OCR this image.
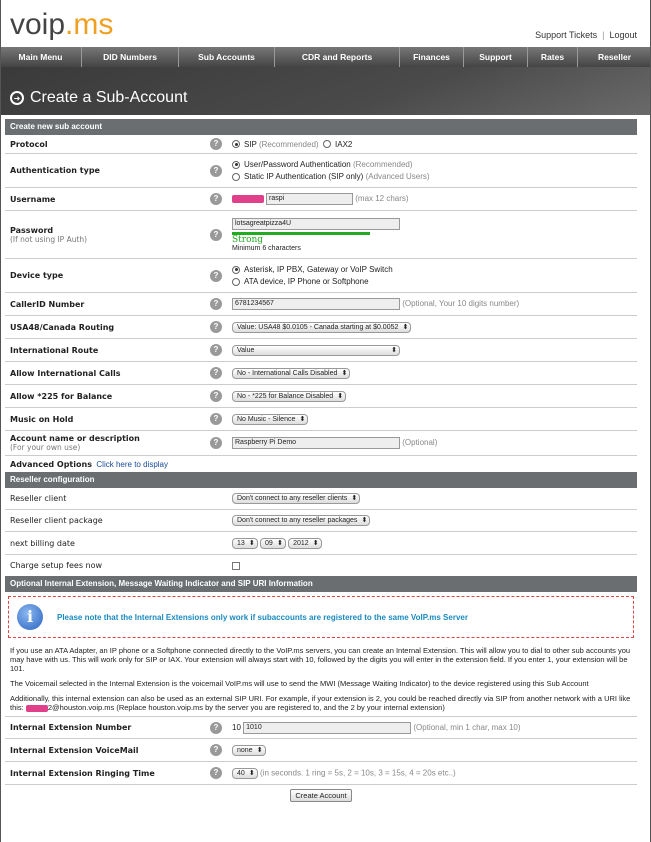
voip.ms	Support Tickets | Logout
Main Menu	DID Numbers	Sub Accounts	CDR and Reports	Finances	Support	Rates	Reseller
➜ Create a Sub-Account
Create new sub account
Protocol	?	SIP (Recommended) IAX2
Authentication type	?
User/Password Authentication (Recommended)
Static IP Authentication (SIP only) (Advanced Users)
Username	?	raspi	(max 12 chars)
Password
(If not using IP Auth)
?
lotsagreatpizza4U
Strong
Minimum 6 characters
Device type	?
Asterisk, IP PBX, Gateway or VoIP Switch
ATA device, IP Phone or Softphone
CallerID Number	?	6781234567	(Optional, Your 10 digits number)
USA48/Canada Routing	?	Value: USA48 $0.0105 - Canada starting at $0.0052 ⬍
International Route	?	Value ⬍
Allow International Calls	?	No - International Calls Disabled ⬍
Allow *225 for Balance	?	No - *225 for Balance Disabled ⬍
Music on Hold	?	No Music - Silence ⬍
Account name or description
(For your own use)
?	Raspberry Pi Demo	(Optional)
Advanced Options Click here to display
Reseller configuration
Reseller client	Don't connect to any reseller clients ⬍
Reseller client package	Don't connect to any reseller packages ⬍
next billing date	13 ⬍	09 ⬍	2012 ⬍
Charge setup fees now
Optional Internal Extension, Message Waiting Indicator and SIP URI Information
i	Please note that the Internal Extensions only work if subaccounts are registered to the same VoIP.ms Server
If you use an ATA Adapter, an IP phone or a Softphone connected directly to the VoIP.ms servers, you can create an Internal Extension. This will allow you to dial to other sub accounts you may have with us. This will work only for SIP or IAX. Your extension will always start with 10, followed by the digits you will enter in the extension field. If you enter 1, your extension will be 101.
The Voicemail selected in the Internal Extension is the voicemail VoIP.ms will use to send the MWI (Message Waiting Indicator) to the device registered using this Sub Account
Additionally, this internal extension can also be used as an external SIP URI. For example, if your extension is 2, you could be reached directly via SIP from another network with a URI like this:	2@houston.voip.ms (Replace houston.voip.ms by the server you are registered to, and the 2 by your internal extension)
Internal Extension Number	?	10 1010	(Optional, min 1 char, max 10)
Internal Extension VoiceMail	?	none ⬍
Internal Extension Ringing Time	?	40 ⬍ (in seconds. 1 ring = 5s, 2 = 10s, 3 = 15s, 4 = 20s etc..)
Create Account
